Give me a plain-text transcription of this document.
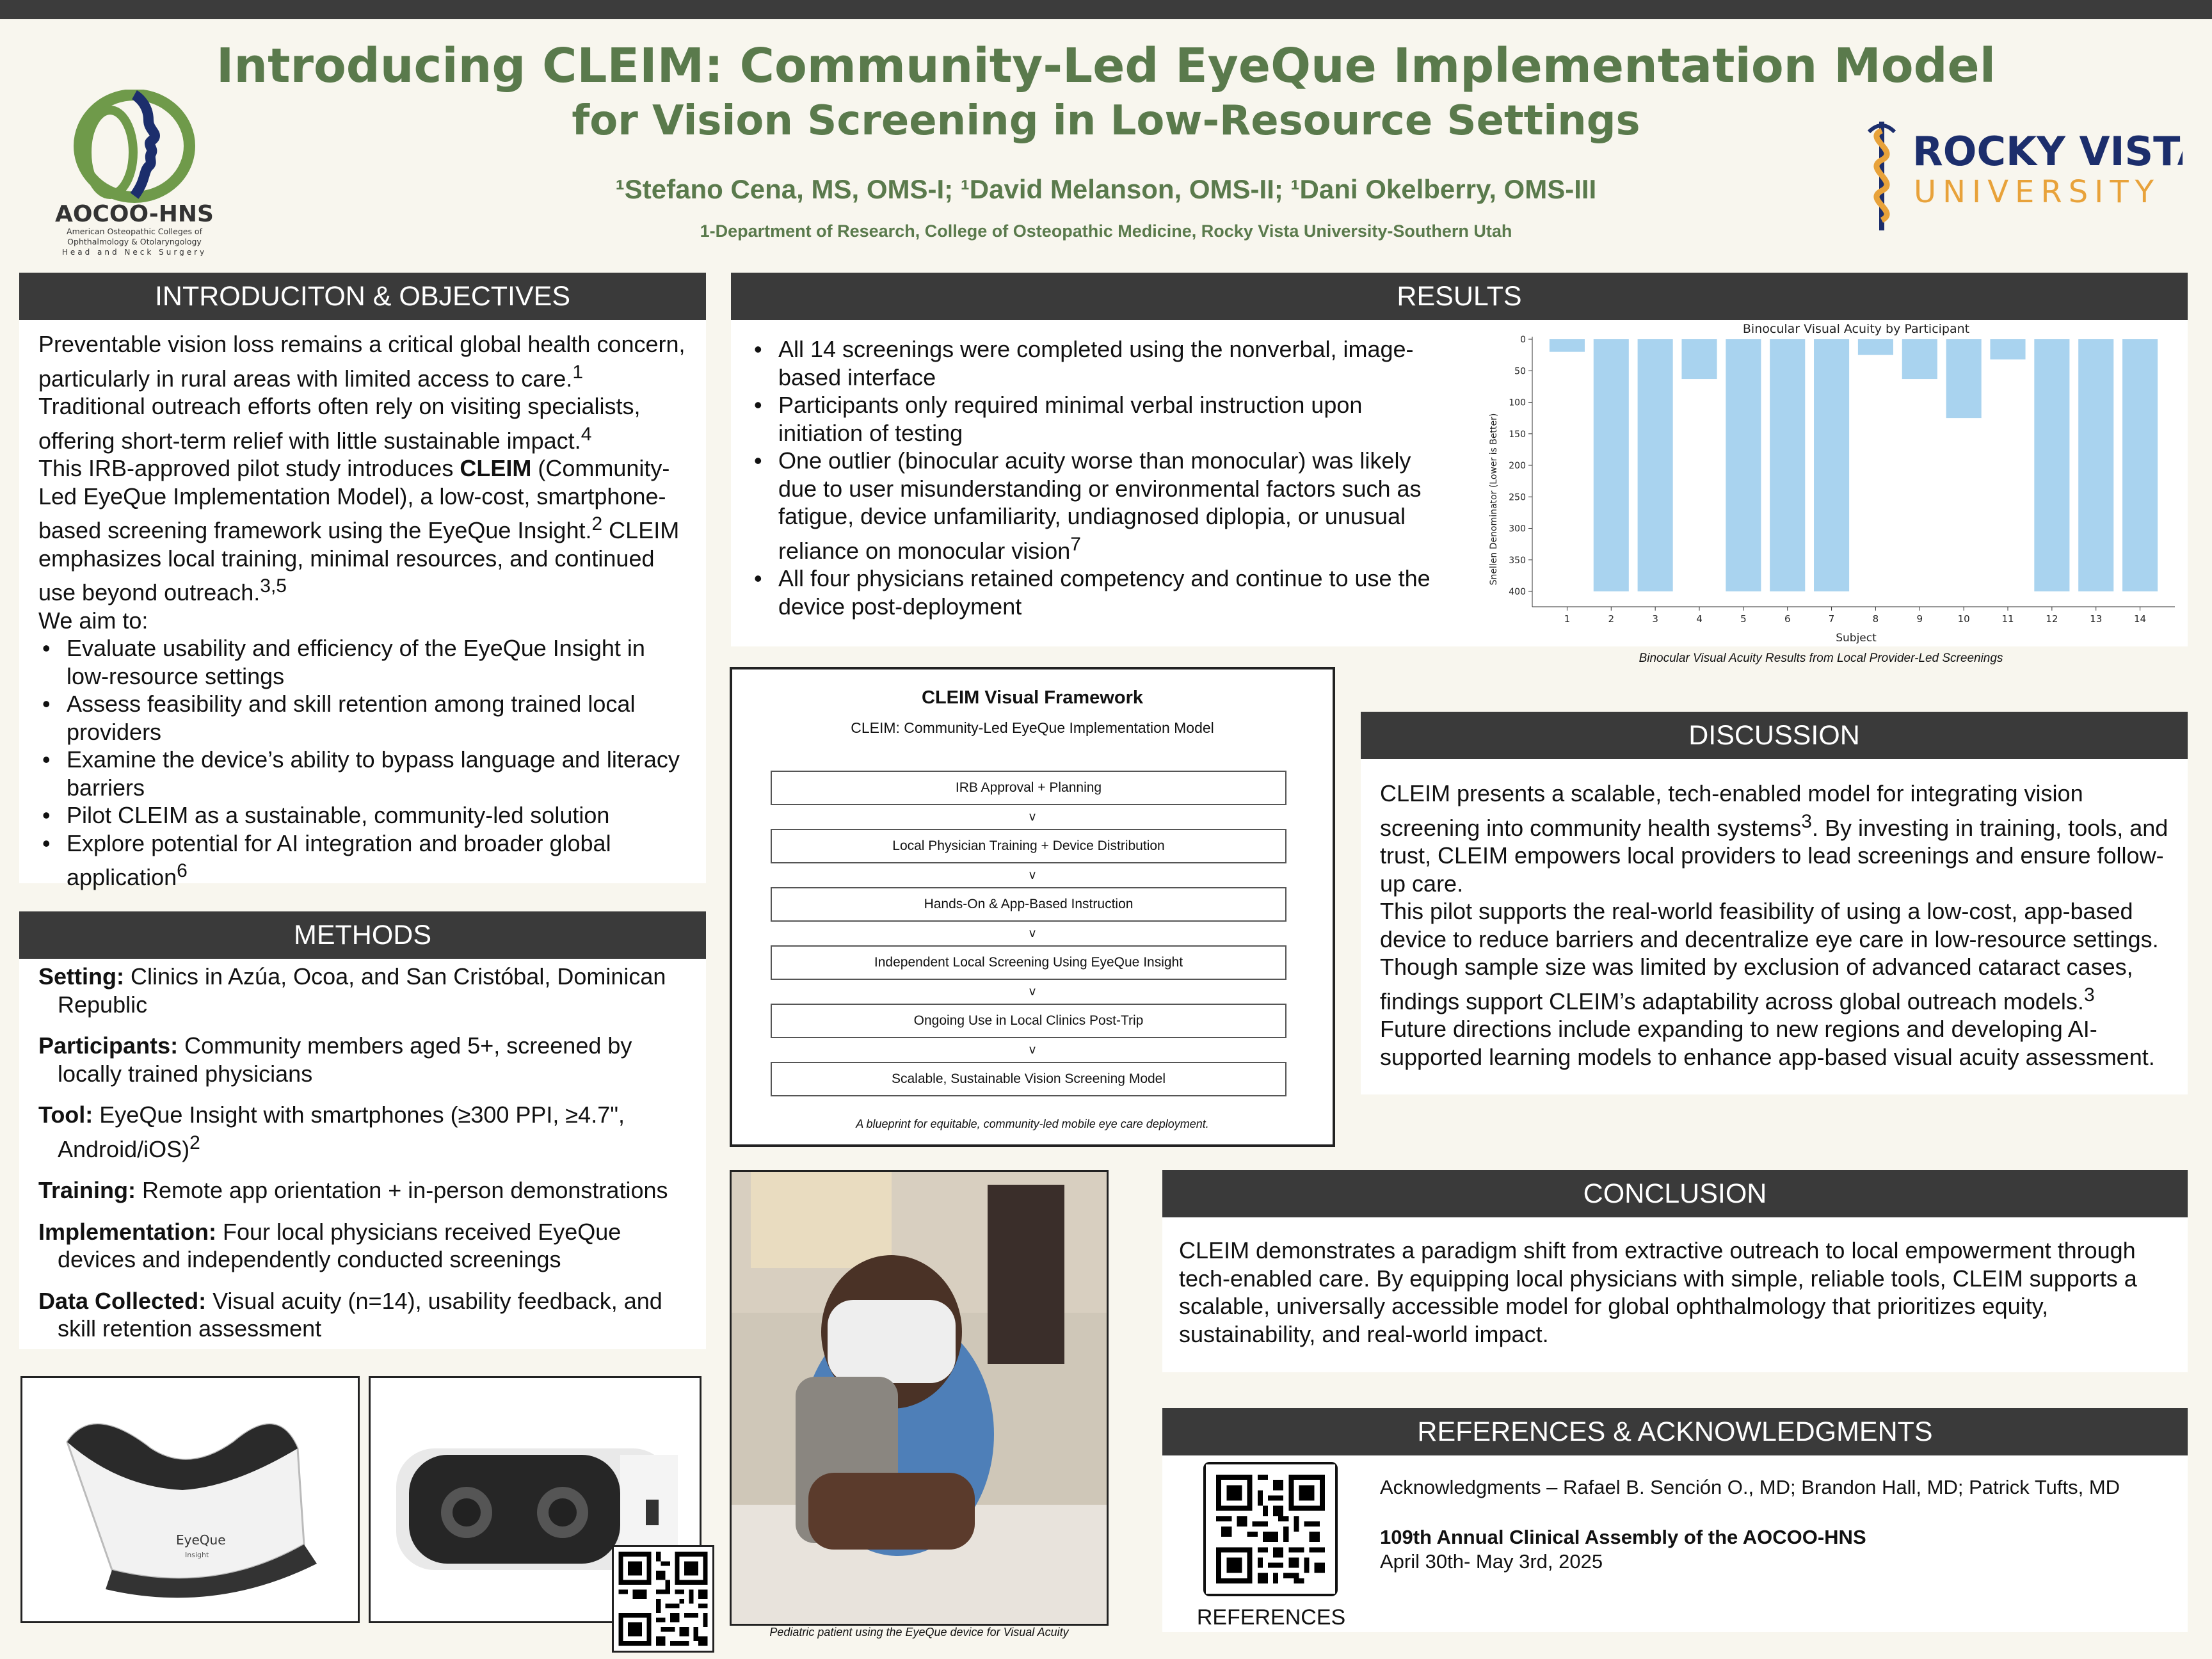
AOCOO-HNS
American Osteopathic Colleges of
Ophthalmology & Otolaryngology
Head and Neck Surgery
ROCKY VISTA
UNIVERSITY
Introducing CLEIM: Community-Led EyeQue Implementation Model
for Vision Screening in Low-Resource Settings
¹Stefano Cena, MS, OMS-I; ¹David Melanson, OMS-II; ¹Dani Okelberry, OMS-III
1-Department of Research, College of Osteopathic Medicine, Rocky Vista University-Southern Utah
INTRODUCITON & OBJECTIVES

Preventable vision loss remains a critical global health concern, particularly in rural areas with limited access to care.$^1$

Traditional outreach efforts often rely on visiting specialists, offering short-term relief with little sustainable impact.$^4$

This IRB-approved pilot study introduces CLEIM (Community-Led EyeQue Implementation Model), a low-cost, smartphone-based screening framework using the EyeQue Insight.$^2$ CLEIM emphasizes local training, minimal resources, and continued use beyond outreach.$^{3,5}$

We aim to:

• Evaluate usability and efficiency of the EyeQue Insight in low-resource settings
• Assess feasibility and skill retention among trained local providers
• Examine the device’s ability to bypass language and literacy barriers
• Pilot CLEIM as a sustainable, community-led solution
• Explore potential for AI integration and broader global application$^6$
METHODS
Setting: Clinics in Azúa, Ocoa, and San Cristóbal, Dominican Republic
Participants: Community members aged 5+, screened by locally trained physicians
Tool: EyeQue Insight with smartphones (≥300 PPI, ≥4.7", Android/iOS)$^2$
Training: Remote app orientation + in-person demonstrations
Implementation: Four local physicians received EyeQue devices and independently conducted screenings
Data Collected: Visual acuity (n=14), usability feedback, and skill retention assessment
EyeQue
Insight
RESULTS
• All 14 screenings were completed using the nonverbal, image-based interface
• Participants only required minimal verbal instruction upon initiation of testing
• One outlier (binocular acuity worse than monocular) was likely due to user misunderstanding or environmental factors such as fatigue, device unfamiliarity, undiagnosed diplopia, or unusual reliance on monocular vision$^7$
• All four physicians retained competency and continue to use the device post-deployment
Binocular Visual Acuity by Participant
Snellen Denominator (Lower is Better)
Subject
0
50
100
150
200
250
300
350
400
1	2	3	4	5	6	7	8	9	10	11	12	13	14
Binocular Visual Acuity Results from Local Provider-Led Screenings
CLEIM Visual Framework
CLEIM: Community-Led EyeQue Implementation Model
IRB Approval + Planning
v
Local Physician Training + Device Distribution
v
Hands-On & App-Based Instruction
v
Independent Local Screening Using EyeQue Insight
v
Ongoing Use in Local Clinics Post-Trip
v
Scalable, Sustainable Vision Screening Model
A blueprint for equitable, community-led mobile eye care deployment.
Pediatric patient using the EyeQue device for Visual Acuity
DISCUSSION

CLEIM presents a scalable, tech-enabled model for integrating vision screening into community health systems$^3$. By investing in training, tools, and trust, CLEIM empowers local providers to lead screenings and ensure follow-up care.

This pilot supports the real-world feasibility of using a low-cost, app-based device to reduce barriers and decentralize eye care in low-resource settings. Though sample size was limited by exclusion of advanced cataract cases, findings support CLEIM’s adaptability across global outreach models.$^3$

Future directions include expanding to new regions and developing AI-supported learning models to enhance app-based visual acuity assessment.

CONCLUSION

CLEIM demonstrates a paradigm shift from extractive outreach to local empowerment through tech-enabled care. By equipping local physicians with simple, reliable tools, CLEIM supports a scalable, universally accessible model for global ophthalmology that prioritizes equity, sustainability, and real-world impact.

REFERENCES & ACKNOWLEDGMENTS
REFERENCES
Acknowledgments – Rafael B. Sención O., MD; Brandon Hall, MD; Patrick Tufts, MD
109th Annual Clinical Assembly of the AOCOO-HNS
April 30th- May 3rd, 2025
